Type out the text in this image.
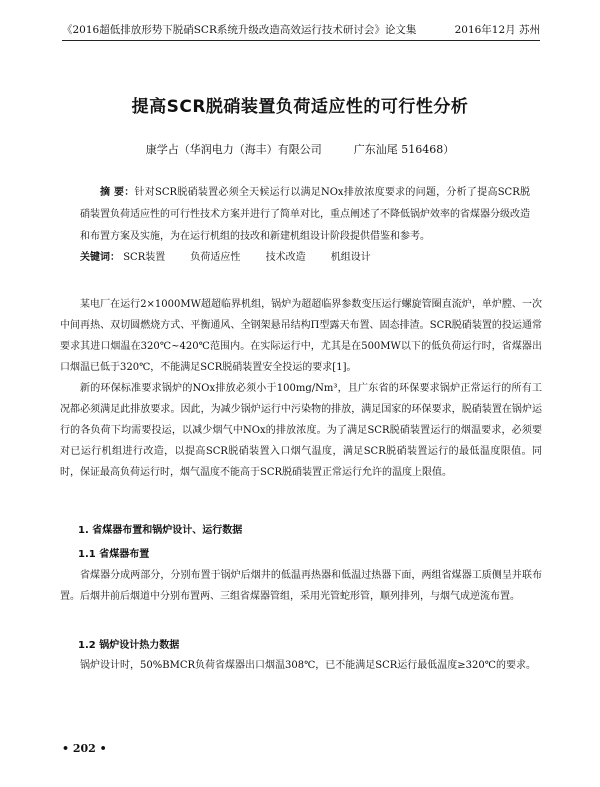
《2016超低排放形势下脱硝SCR系统升级改造高效运行技术研讨会》论文集	2016年12月 苏州
提高SCR脱硝装置负荷适应性的可行性分析
康学占（华润电力（海丰）有限公司	广东汕尾 516468）
摘 要：针对SCR脱硝装置必须全天候运行以满足NOx排放浓度要求的问题，分析了提高SCR脱硝装置负荷适应性的可行性技术方案并进行了简单对比，重点阐述了不降低锅炉效率的省煤器分级改造和布置方案及实施，为在运行机组的技改和新建机组设计阶段提供借鉴和参考。
关键词： SCR装置	负荷适应性	技术改造	机组设计
某电厂在运行2×1000MW超超临界机组，锅炉为超超临界参数变压运行螺旋管圈直流炉，单炉膛、一次中间再热、双切圆燃烧方式、平衡通风、全钢架悬吊结构Π型露天布置、固态排渣。SCR脱硝装置的投运通常要求其进口烟温在320℃~420℃范围内。在实际运行中，尤其是在500MW以下的低负荷运行时，省煤器出口烟温已低于320℃，不能满足SCR脱硝装置安全投运的要求[1]。
新的环保标准要求锅炉的NOx排放必须小于100mg/Nm³，且广东省的环保要求锅炉正常运行的所有工况都必须满足此排放要求。因此，为减少锅炉运行中污染物的排放，满足国家的环保要求，脱硝装置在锅炉运行的各负荷下均需要投运，以减少烟气中NOx的排放浓度。为了满足SCR脱硝装置运行的烟温要求，必须要对已运行机组进行改造，以提高SCR脱硝装置入口烟气温度，满足SCR脱硝装置运行的最低温度限值。同时，保证最高负荷运行时，烟气温度不能高于SCR脱硝装置正常运行允许的温度上限值。
1. 省煤器布置和锅炉设计、运行数据
1.1 省煤器布置
省煤器分成两部分，分别布置于锅炉后烟井的低温再热器和低温过热器下面，两组省煤器工质侧呈并联布置。后烟井前后烟道中分别布置两、三组省煤器管组，采用光管蛇形管，顺列排列，与烟气成逆流布置。
1.2 锅炉设计热力数据
锅炉设计时，50%BMCR负荷省煤器出口烟温308℃，已不能满足SCR运行最低温度≥320℃的要求。
• 202 •
